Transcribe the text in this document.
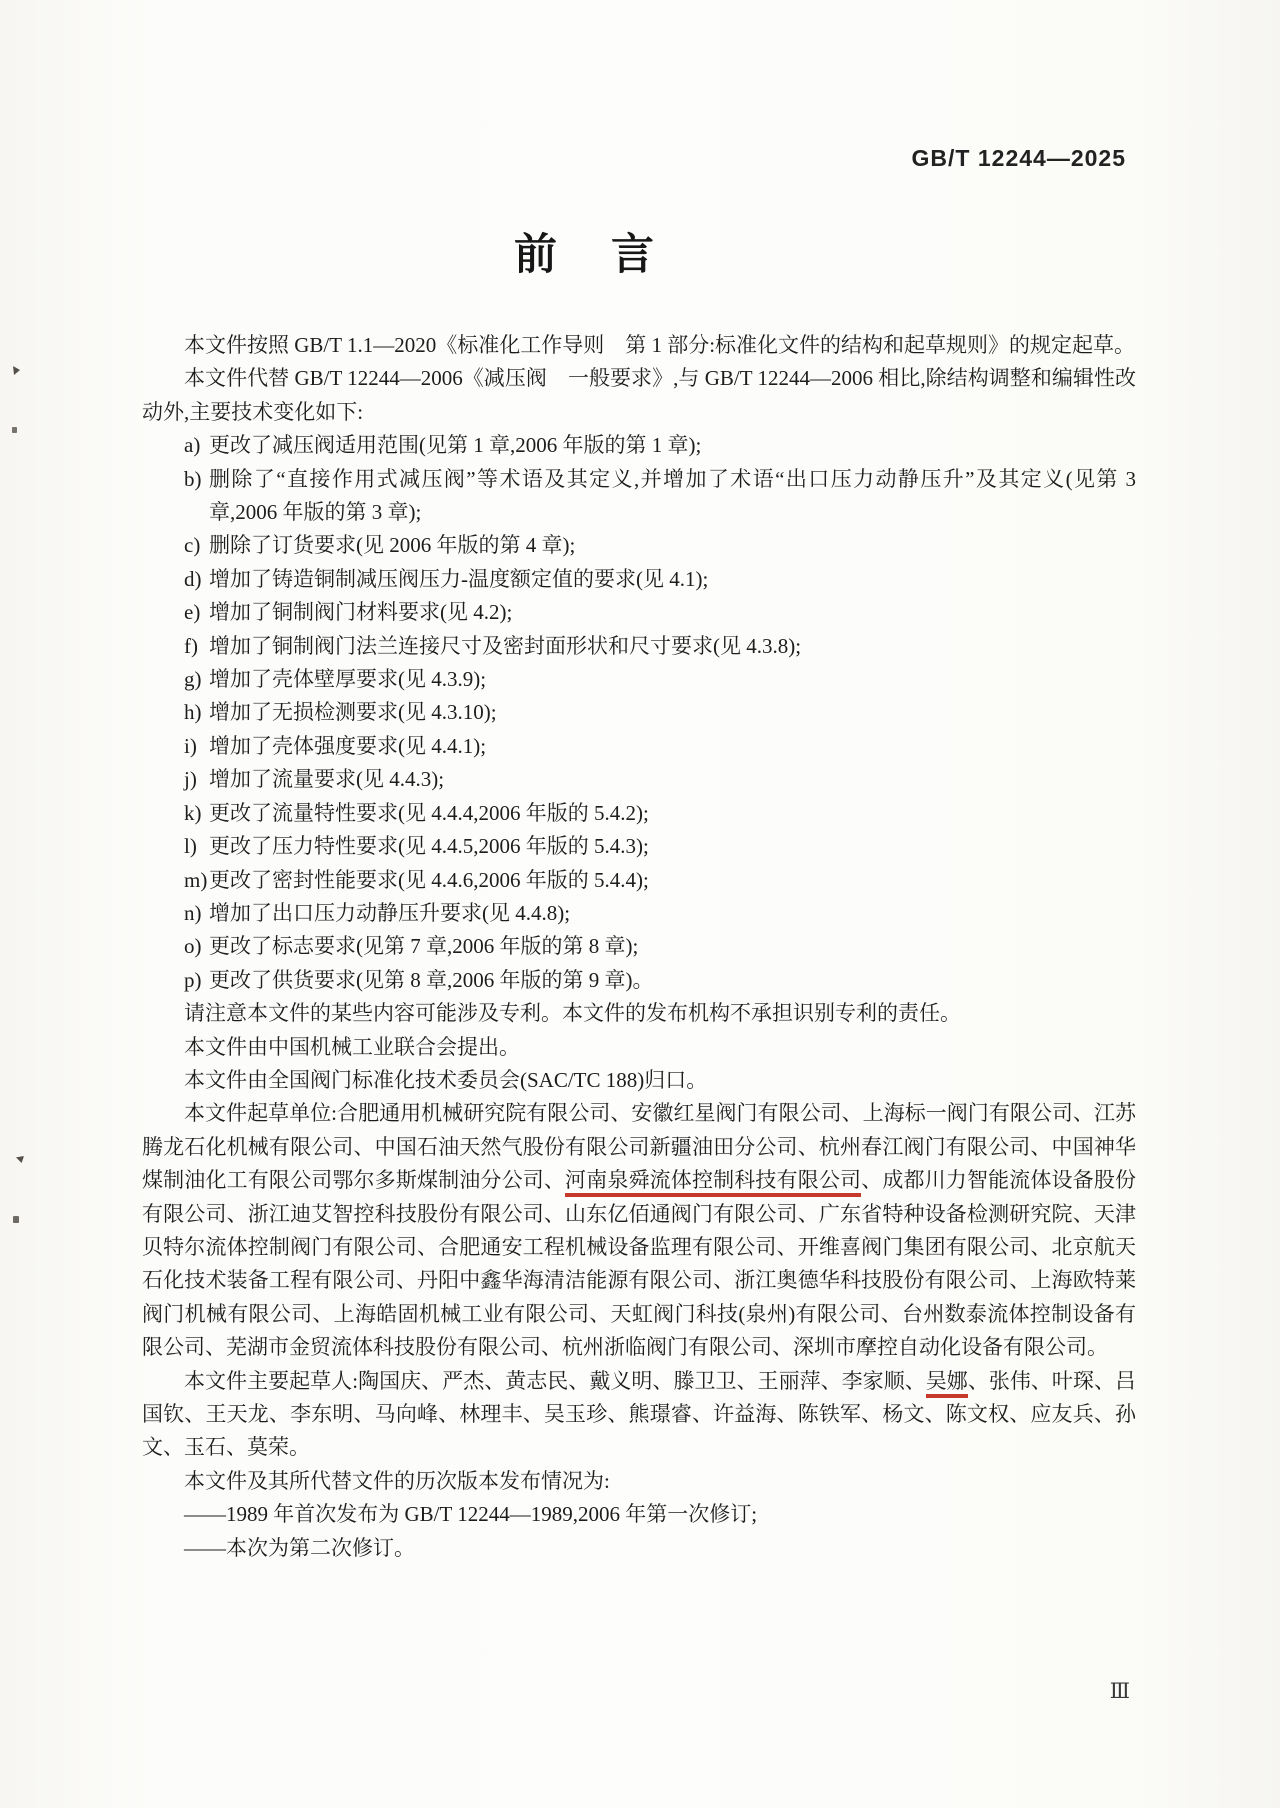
GB/T 12244—2025
前 言

本文件按照 GB/T 1.1—2020《标准化工作导则　第 1 部分:标准化文件的结构和起草规则》的规定起草。

本文件代替 GB/T 12244—2006《减压阀　一般要求》,与 GB/T 12244—2006 相比,除结构调整和编辑性改动外,主要技术变化如下:

a) 更改了减压阀适用范围(见第 1 章,2006 年版的第 1 章);
b) 删除了“直接作用式减压阀”等术语及其定义,并增加了术语“出口压力动静压升”及其定义(见第 3 章,2006 年版的第 3 章);
c) 删除了订货要求(见 2006 年版的第 4 章);
d) 增加了铸造铜制减压阀压力-温度额定值的要求(见 4.1);
e) 增加了铜制阀门材料要求(见 4.2);
f) 增加了铜制阀门法兰连接尺寸及密封面形状和尺寸要求(见 4.3.8);
g) 增加了壳体壁厚要求(见 4.3.9);
h) 增加了无损检测要求(见 4.3.10);
i) 增加了壳体强度要求(见 4.4.1);
j) 增加了流量要求(见 4.4.3);
k) 更改了流量特性要求(见 4.4.4,2006 年版的 5.4.2);
l) 更改了压力特性要求(见 4.4.5,2006 年版的 5.4.3);
m) 更改了密封性能要求(见 4.4.6,2006 年版的 5.4.4);
n) 增加了出口压力动静压升要求(见 4.4.8);
o) 更改了标志要求(见第 7 章,2006 年版的第 8 章);
p) 更改了供货要求(见第 8 章,2006 年版的第 9 章)。

请注意本文件的某些内容可能涉及专利。本文件的发布机构不承担识别专利的责任。

本文件由中国机械工业联合会提出。

本文件由全国阀门标准化技术委员会(SAC/TC 188)归口。

本文件起草单位:合肥通用机械研究院有限公司、安徽红星阀门有限公司、上海标一阀门有限公司、江苏腾龙石化机械有限公司、中国石油天然气股份有限公司新疆油田分公司、杭州春江阀门有限公司、中国神华煤制油化工有限公司鄂尔多斯煤制油分公司、河南泉舜流体控制科技有限公司、成都川力智能流体设备股份有限公司、浙江迪艾智控科技股份有限公司、山东亿佰通阀门有限公司、广东省特种设备检测研究院、天津贝特尔流体控制阀门有限公司、合肥通安工程机械设备监理有限公司、开维喜阀门集团有限公司、北京航天石化技术装备工程有限公司、丹阳中鑫华海清洁能源有限公司、浙江奥德华科技股份有限公司、上海欧特莱阀门机械有限公司、上海皓固机械工业有限公司、天虹阀门科技(泉州)有限公司、台州数泰流体控制设备有限公司、芜湖市金贸流体科技股份有限公司、杭州浙临阀门有限公司、深圳市摩控自动化设备有限公司。

本文件主要起草人:陶国庆、严杰、黄志民、戴义明、滕卫卫、王丽萍、李家顺、吴娜、张伟、叶琛、吕国钦、王天龙、李东明、马向峰、林理丰、吴玉珍、熊璟睿、许益海、陈铁军、杨文、陈文权、应友兵、孙文、玉石、莫荣。

本文件及其所代替文件的历次版本发布情况为:

——1989 年首次发布为 GB/T 12244—1989,2006 年第一次修订;

——本次为第二次修订。

Ⅲ
